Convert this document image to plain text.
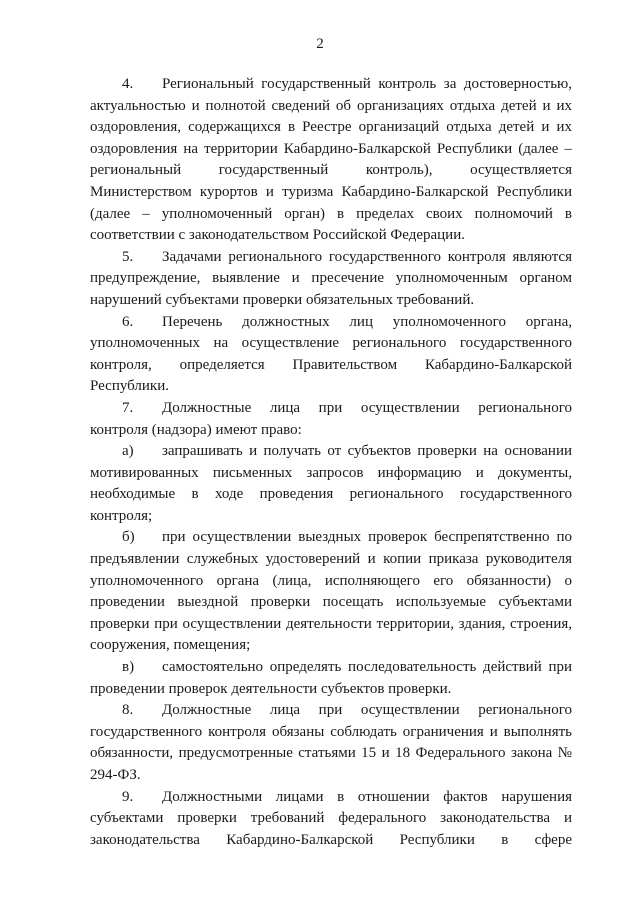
2

4. Региональный государственный контроль за достоверностью, актуальностью и полнотой сведений об организациях отдыха детей и их оздоровления, содержащихся в Реестре организаций отдыха детей и их оздоровления на территории Кабардино-Балкарской Республики (далее – региональный государственный контроль), осуществляется Министерством курортов и туризма Кабардино-Балкарской Республики (далее – уполномоченный орган) в пределах своих полномочий в соответствии с законодательством Российской Федерации.

5. Задачами регионального государственного контроля являются предупреждение, выявление и пресечение уполномоченным органом нарушений субъектами проверки обязательных требований.

6. Перечень должностных лиц уполномоченного органа, уполномоченных на осуществление регионального государственного контроля, определяется Правительством Кабардино-Балкарской Республики.

7. Должностные лица при осуществлении регионального контроля (надзора) имеют право:

а) запрашивать и получать от субъектов проверки на основании мотивированных письменных запросов информацию и документы, необходимые в ходе проведения регионального государственного контроля;

б) при осуществлении выездных проверок беспрепятственно по предъявлении служебных удостоверений и копии приказа руководителя уполномоченного органа (лица, исполняющего его обязанности) о проведении выездной проверки посещать используемые субъектами проверки при осуществлении деятельности территории, здания, строения, сооружения, помещения;

в) самостоятельно определять последовательность действий при проведении проверок деятельности субъектов проверки.

8. Должностные лица при осуществлении регионального государственного контроля обязаны соблюдать ограничения и выполнять обязанности, предусмотренные статьями 15 и 18 Федерального закона № 294-ФЗ.

9. Должностными лицами в отношении фактов нарушения субъектами проверки требований федерального законодательства и законодательства Кабардино-Балкарской Республики в сфере
